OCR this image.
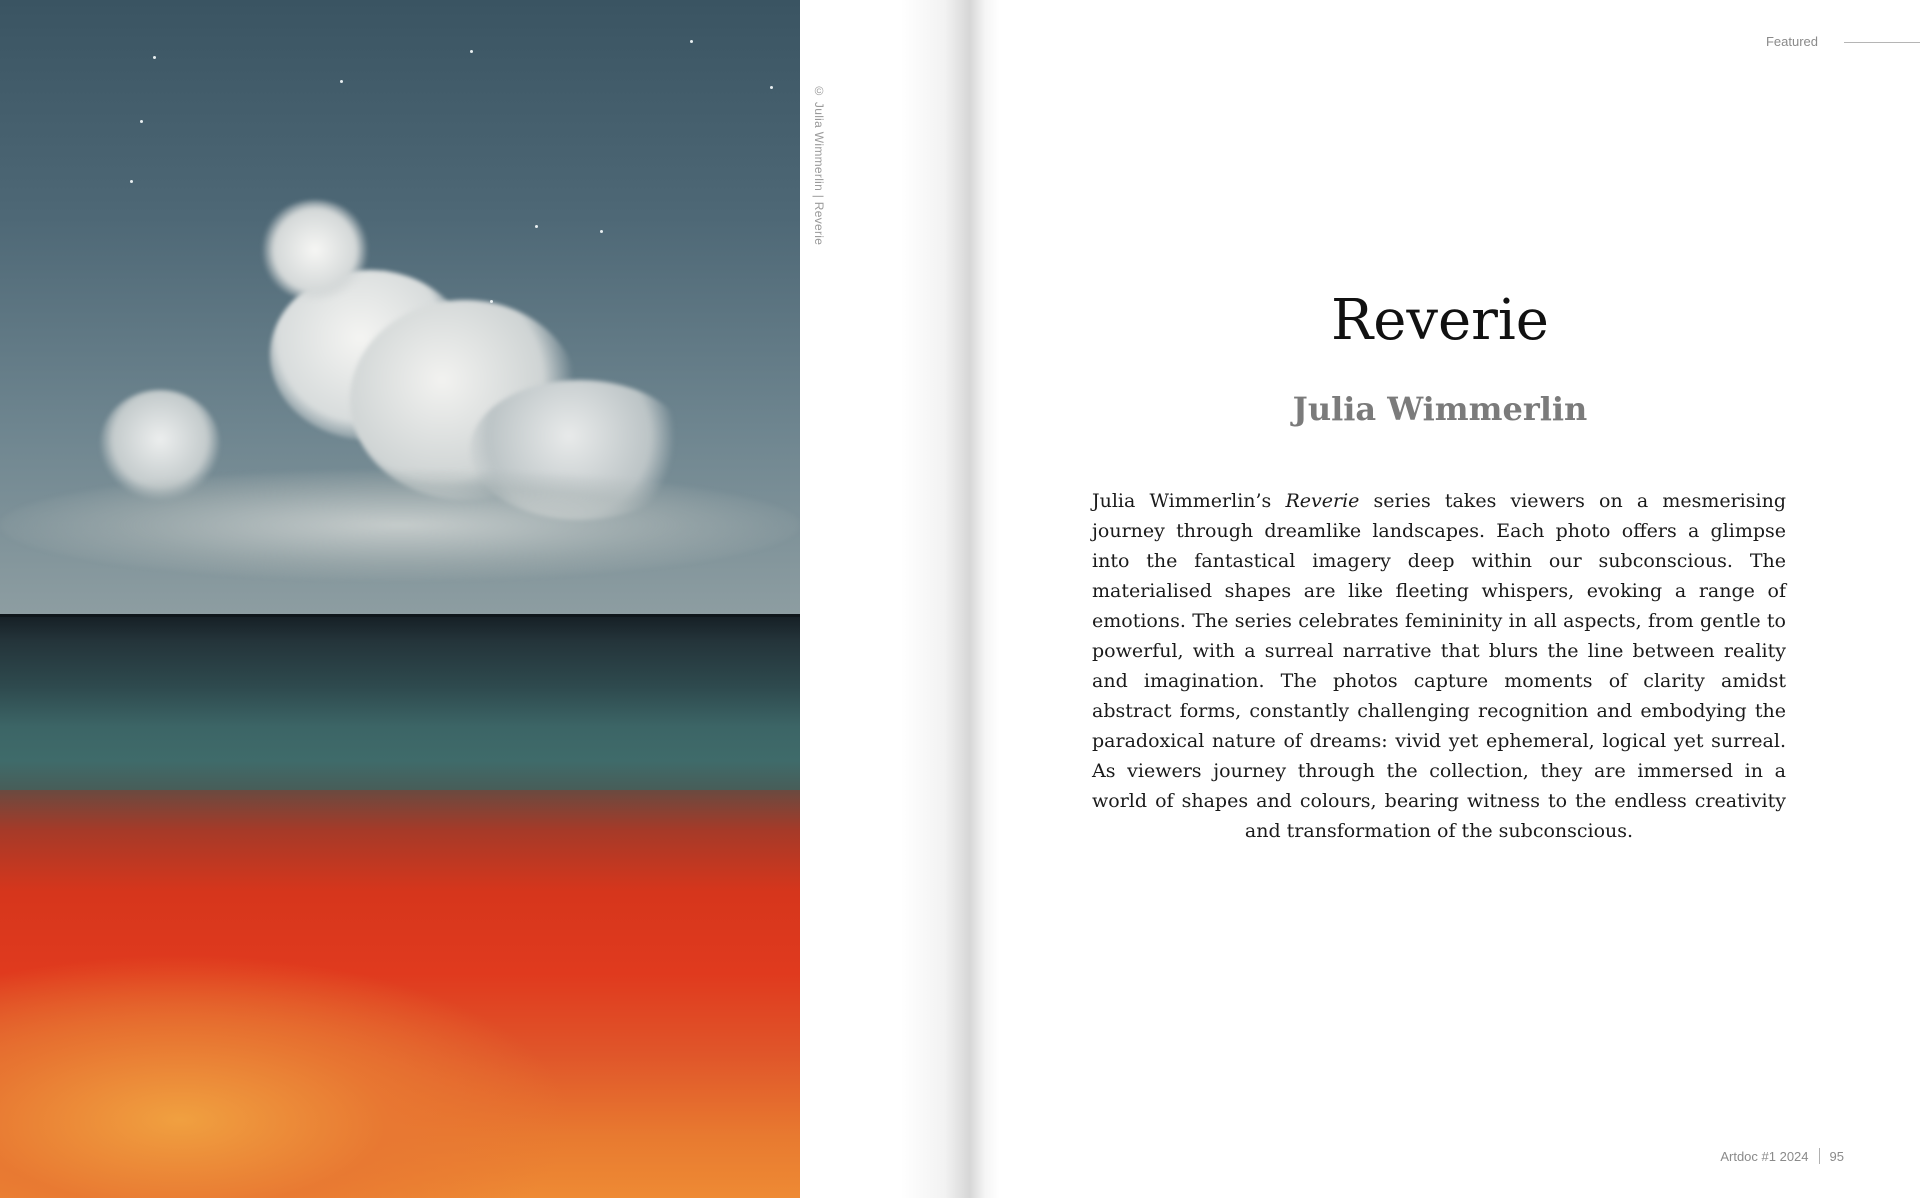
© Julia Wimmerlin | Reverie
Featured
Reverie
Julia Wimmerlin

Julia Wimmerlin’s Reverie series takes viewers on a mesmerising journey through dreamlike landscapes. Each photo offers a glimpse into the fantastical imagery deep within our subconscious. The materialised shapes are like fleeting whispers, evoking a range of emotions. The series celebrates femininity in all aspects, from gentle to powerful, with a surreal narrative that blurs the line between reality and imagination. The photos capture moments of clarity amidst abstract forms, constantly challenging recognition and embodying the paradoxical nature of dreams: vivid yet ephemeral, logical yet surreal. As viewers journey through the collection, they are immersed in a world of shapes and colours, bearing witness to the endless creativity and transformation of the subconscious.

Artdoc #1 2024 95
